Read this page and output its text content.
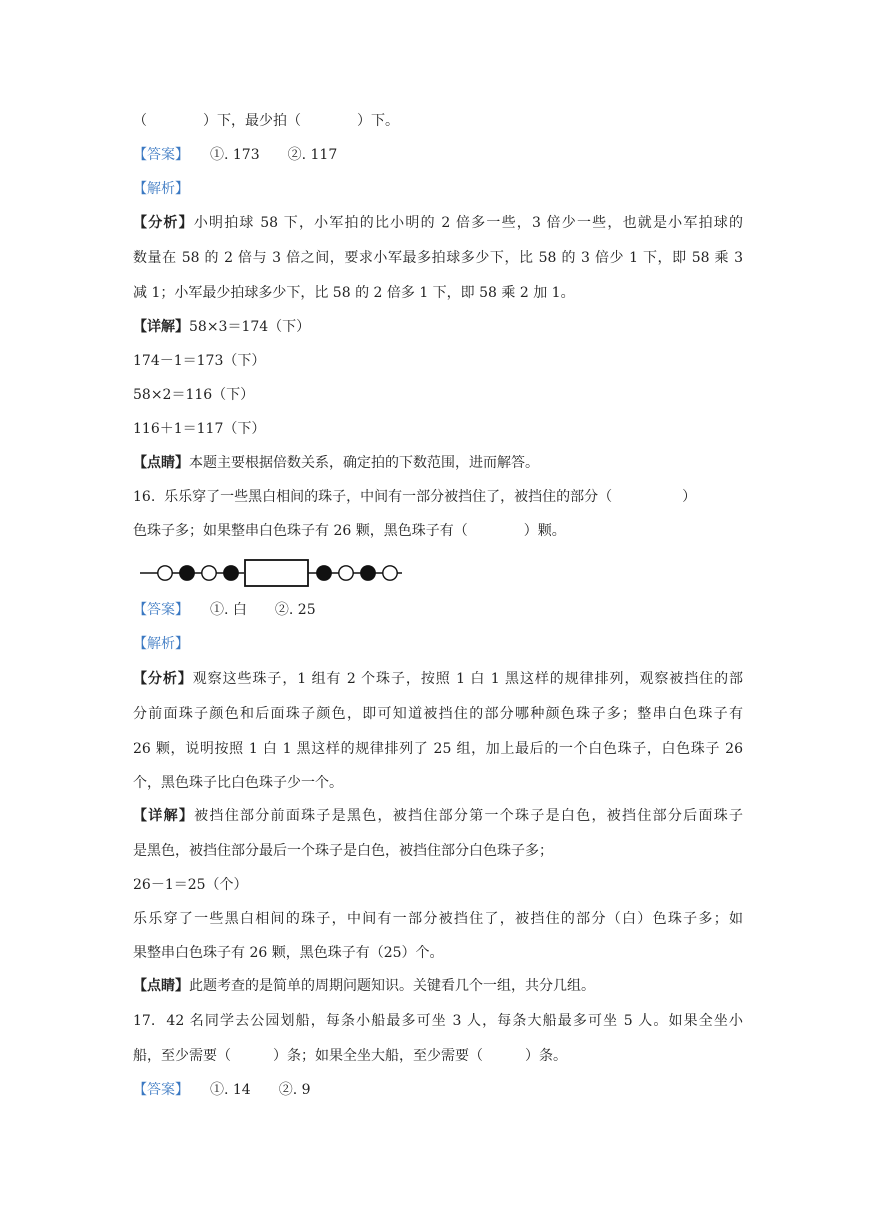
（　　　　）下，最少拍（　　　　）下。
【答案】　　①. 173　　②. 117
【解析】
【分析】小明拍球 58 下，小军拍的比小明的 2 倍多一些，3 倍少一些，也就是小军拍球的
数量在 58 的 2 倍与 3 倍之间，要求小军最多拍球多少下，比 58 的 3 倍少 1 下，即 58 乘 3
减 1；小军最少拍球多少下，比 58 的 2 倍多 1 下，即 58 乘 2 加 1。
【详解】58×3＝174（下）
174－1＝173（下）
58×2＝116（下）
116＋1＝117（下）
【点睛】本题主要根据倍数关系，确定拍的下数范围，进而解答。
16.  乐乐穿了一些黑白相间的珠子，中间有一部分被挡住了，被挡住的部分（　　　　　）
色珠子多；如果整串白色珠子有 26 颗，黑色珠子有（　　　　）颗。
【答案】　　①. 白　　②. 25
【解析】
【分析】观察这些珠子，1 组有 2 个珠子，按照 1 白 1 黑这样的规律排列，观察被挡住的部
分前面珠子颜色和后面珠子颜色，即可知道被挡住的部分哪种颜色珠子多；整串白色珠子有
26 颗，说明按照 1 白 1 黑这样的规律排列了 25 组，加上最后的一个白色珠子，白色珠子 26
个，黑色珠子比白色珠子少一个。
【详解】被挡住部分前面珠子是黑色，被挡住部分第一个珠子是白色，被挡住部分后面珠子
是黑色，被挡住部分最后一个珠子是白色，被挡住部分白色珠子多；
26－1＝25（个）
乐乐穿了一些黑白相间的珠子，中间有一部分被挡住了，被挡住的部分（白）色珠子多；如
果整串白色珠子有 26 颗，黑色珠子有（25）个。
【点睛】此题考查的是简单的周期问题知识。关键看几个一组，共分几组。
17.  42 名同学去公园划船，每条小船最多可坐 3 人，每条大船最多可坐 5 人。如果全坐小
船，至少需要（　　　）条；如果全坐大船，至少需要（　　　）条。
【答案】　　①. 14　　②. 9
